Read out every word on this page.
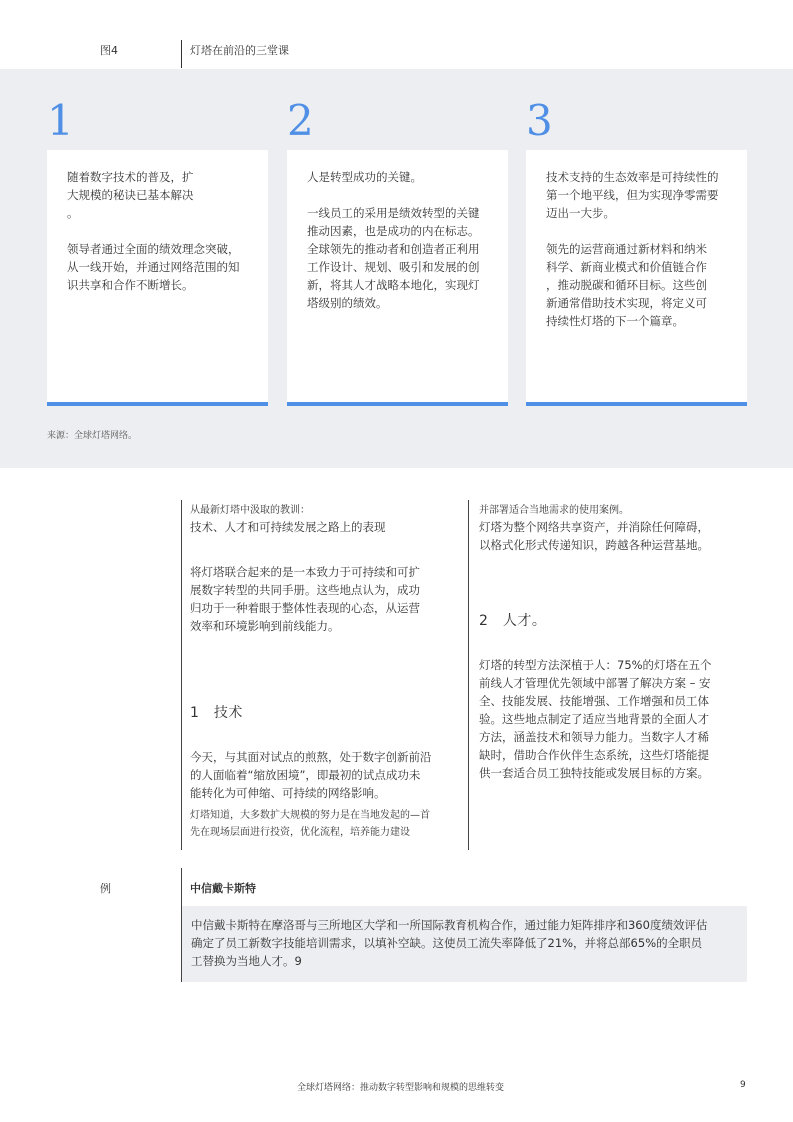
图4	灯塔在前沿的三堂课
1	2	3

随着数字技术的普及，扩
大规模的秘诀已基本解决
。

领导者通过全面的绩效理念突破，
从一线开始，并通过网络范围的知
识共享和合作不断增长。

人是转型成功的关键。

一线员工的采用是绩效转型的关键
推动因素，也是成功的内在标志。
全球领先的推动者和创造者正利用
工作设计、规划、吸引和发展的创
新，将其人才战略本地化，实现灯
塔级别的绩效。

技术支持的生态效率是可持续性的
第一个地平线，但为实现净零需要
迈出一大步。

领先的运营商通过新材料和纳米
科学、新商业模式和价值链合作
，推动脱碳和循环目标。这些创
新通常借助技术实现，将定义可
持续性灯塔的下一个篇章。

来源：全球灯塔网络。
从最新灯塔中汲取的教训：
技术、人才和可持续发展之路上的表现
将灯塔联合起来的是一本致力于可持续和可扩
展数字转型的共同手册。这些地点认为，成功
归功于一种着眼于整体性表现的心态，从运营
效率和环境影响到前线能力。
1　技术
今天，与其面对试点的煎熬，处于数字创新前沿
的人面临着“缩放困境”，即最初的试点成功未
能转化为可伸缩、可持续的网络影响。
灯塔知道，大多数扩大规模的努力是在当地发起的—首
先在现场层面进行投资，优化流程，培养能力建设
并部署适合当地需求的使用案例。
灯塔为整个网络共享资产，并消除任何障碍，
以格式化形式传递知识，跨越各种运营基地。
2　人才。
灯塔的转型方法深植于人：75%的灯塔在五个
前线人才管理优先领域中部署了解决方案 – 安
全、技能发展、技能增强、工作增强和员工体
验。这些地点制定了适应当地背景的全面人才
方法，涵盖技术和领导力能力。当数字人才稀
缺时，借助合作伙伴生态系统，这些灯塔能提
供一套适合员工独特技能或发展目标的方案。
例	中信戴卡斯特

中信戴卡斯特在摩洛哥与三所地区大学和一所国际教育机构合作，通过能力矩阵排序和360度绩效评估
确定了员工新数字技能培训需求，以填补空缺。这使员工流失率降低了21%，并将总部65%的全职员
工替换为当地人才。9

全球灯塔网络：推动数字转型影响和规模的思维转变	9
